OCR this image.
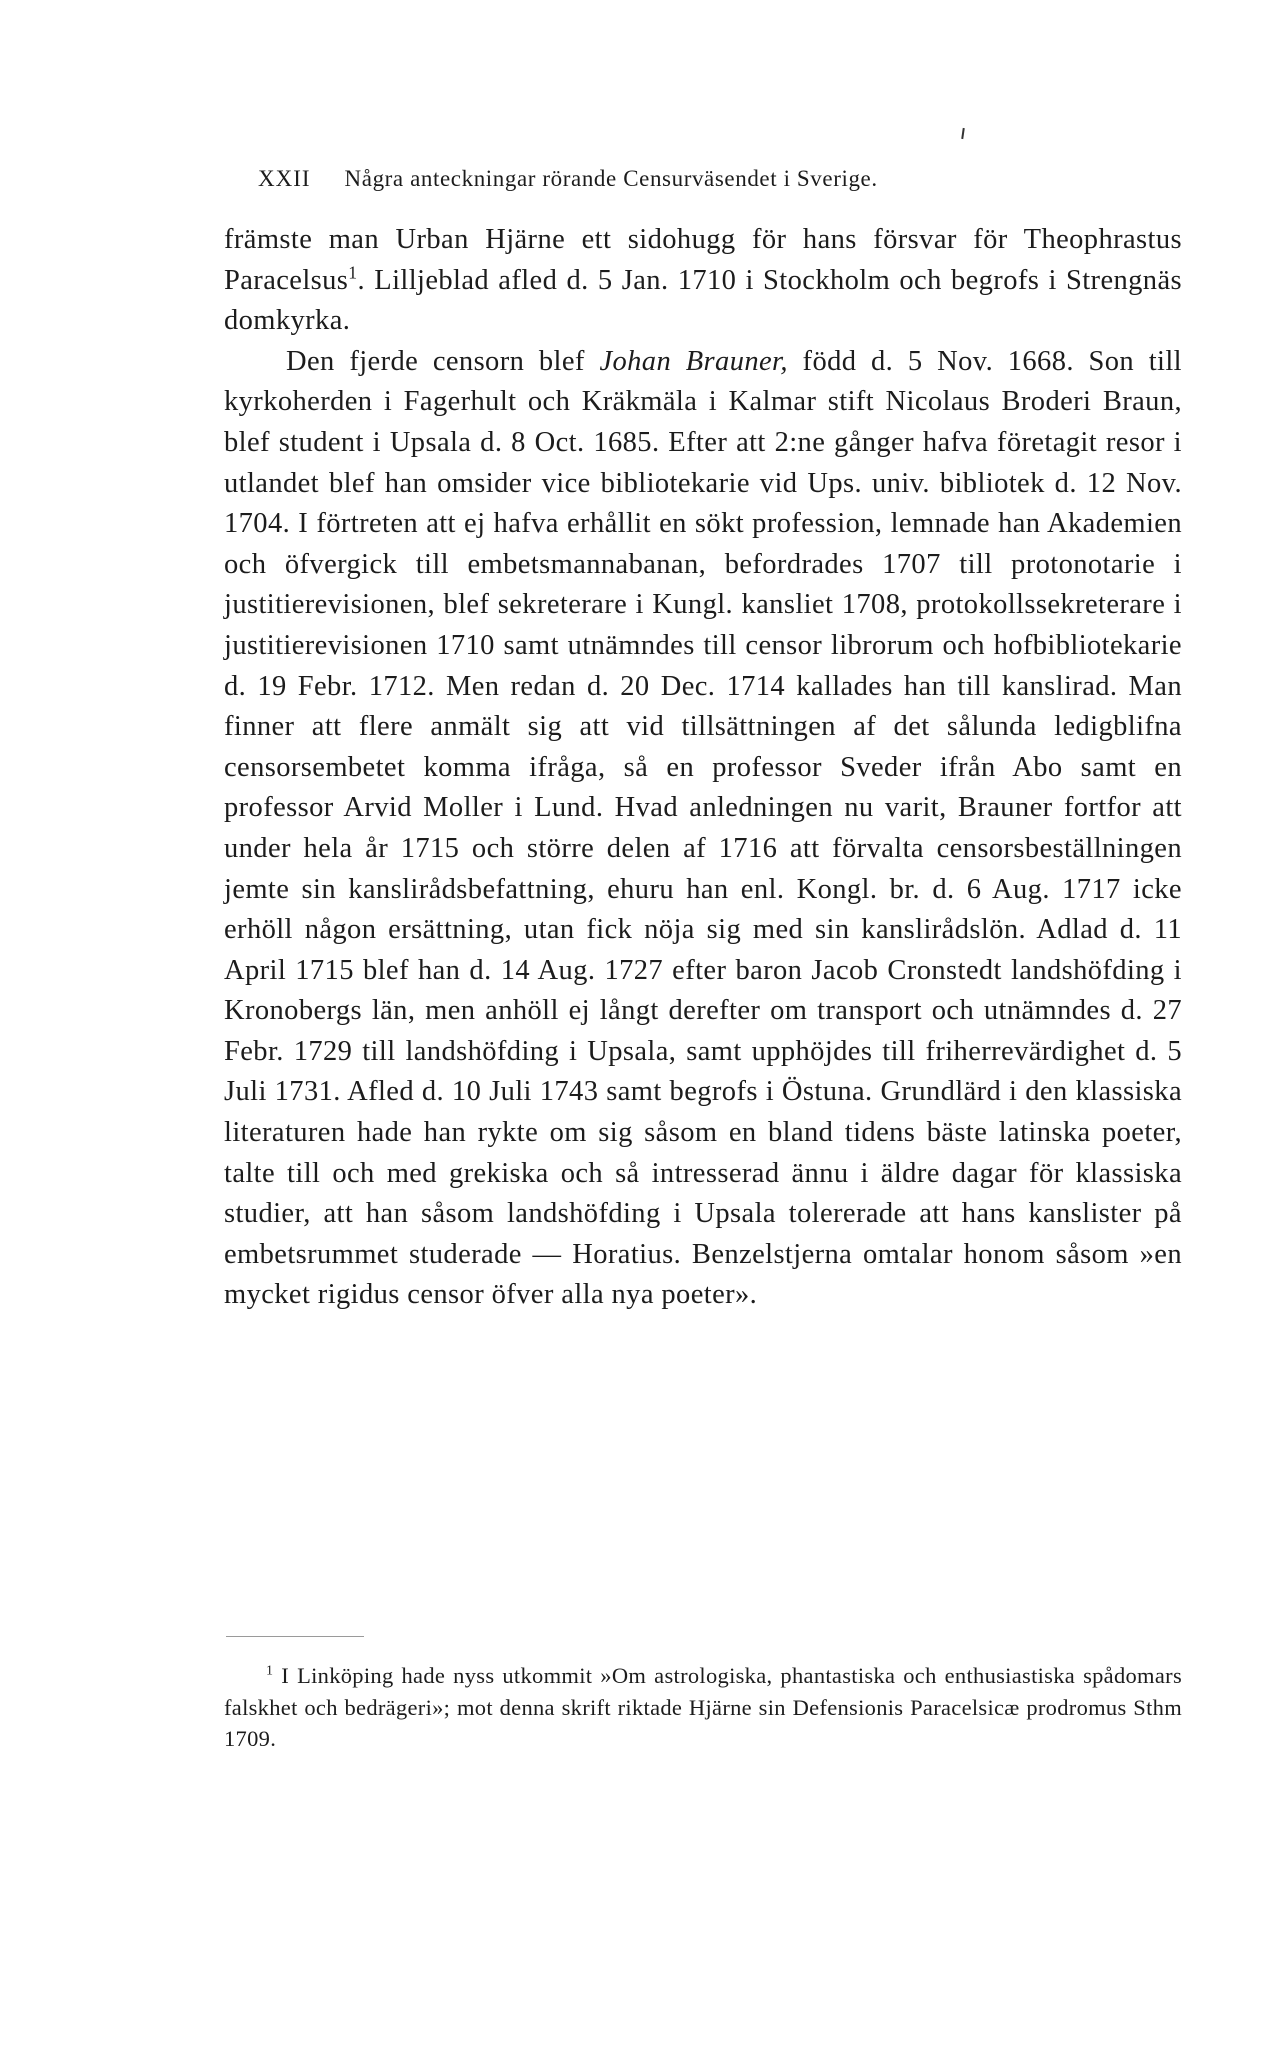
XXII Några anteckningar rörande Censurväsendet i Sverige.

främste man Urban Hjärne ett sidohugg för hans försvar för Theophrastus Paracelsus$^1$. Lilljeblad afled d. 5 Jan. 1710 i Stockholm och begrofs i Strengnäs domkyrka.

Den fjerde censorn blef Johan Brauner, född d. 5 Nov. 1668. Son till kyrkoherden i Fagerhult och Kräkmäla i Kalmar stift Nicolaus Broderi Braun, blef student i Upsala d. 8 Oct. 1685. Efter att 2:ne gånger hafva företagit resor i utlandet blef han omsider vice bibliotekarie vid Ups. univ. bibliotek d. 12 Nov. 1704. I förtreten att ej hafva erhållit en sökt profession, lemnade han Akademien och öfvergick till embetsmannabanan, befordrades 1707 till protonotarie i justitierevisionen, blef sekreterare i Kungl. kansliet 1708, protokollssekreterare i justitierevisionen 1710 samt utnämndes till censor librorum och hofbibliotekarie d. 19 Febr. 1712. Men redan d. 20 Dec. 1714 kallades han till kanslirad. Man finner att flere anmält sig att vid tillsättningen af det sålunda ledigblifna censorsembetet komma ifråga, så en professor Sveder ifrån Abo samt en professor Arvid Moller i Lund. Hvad anledningen nu varit, Brauner fortfor att under hela år 1715 och större delen af 1716 att förvalta censorsbeställningen jemte sin kanslirådsbefattning, ehuru han enl. Kongl. br. d. 6 Aug. 1717 icke erhöll någon ersättning, utan fick nöja sig med sin kanslirådslön. Adlad d. 11 April 1715 blef han d. 14 Aug. 1727 efter baron Jacob Cronstedt landshöfding i Kronobergs län, men anhöll ej långt derefter om transport och utnämndes d. 27 Febr. 1729 till landshöfding i Upsala, samt upphöjdes till friherrevärdighet d. 5 Juli 1731. Afled d. 10 Juli 1743 samt begrofs i Östuna. Grundlärd i den klassiska literaturen hade han rykte om sig såsom en bland tidens bäste latinska poeter, talte till och med grekiska och så intresserad ännu i äldre dagar för klassiska studier, att han såsom landshöfding i Upsala tolererade att hans kanslister på embetsrummet studerade — Horatius. Benzelstjerna omtalar honom såsom »en mycket rigidus censor öfver alla nya poeter».

$^1$ I Linköping hade nyss utkommit »Om astrologiska, phantastiska och enthusiastiska spådomars falskhet och bedrägeri»; mot denna skrift riktade Hjärne sin Defensionis Paracelsicæ prodromus Sthm 1709.
